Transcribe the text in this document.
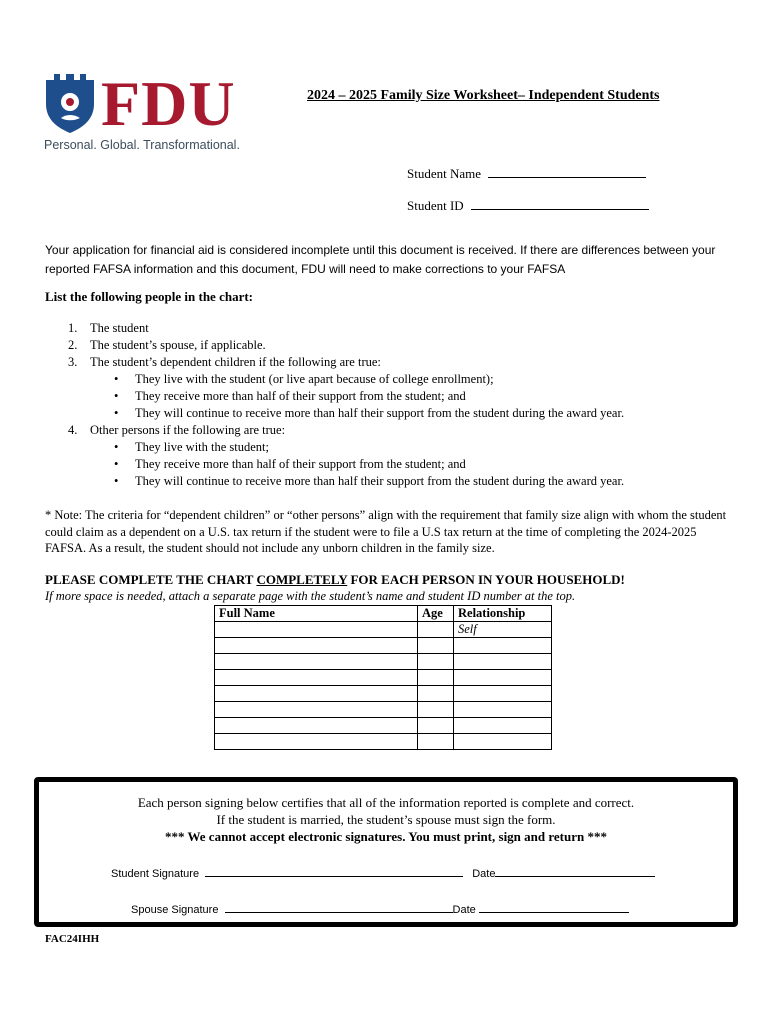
FDU
Personal. Global. Transformational.
2024 – 2025 Family Size Worksheet– Independent Students
Student Name
Student ID
Your application for financial aid is considered incomplete until this document is received. If there are differences between your reported FAFSA information and this document, FDU will need to make corrections to your FAFSA
List the following people in the chart:
1. The student
2. The student’s spouse, if applicable.
3. The student’s dependent children if the following are true:
• They live with the student (or live apart because of college enrollment);
• They receive more than half of their support from the student; and
• They will continue to receive more than half their support from the student during the award year.
4. Other persons if the following are true:
• They live with the student;
• They receive more than half of their support from the student; and
• They will continue to receive more than half their support from the student during the award year.
* Note: The criteria for “dependent children” or “other persons” align with the requirement that family size align with whom the student could claim as a dependent on a U.S. tax return if the student were to file a U.S tax return at the time of completing the 2024-2025 FAFSA. As a result, the student should not include any unborn children in the family size.
PLEASE COMPLETE THE CHART COMPLETELY FOR EACH PERSON IN YOUR HOUSEHOLD!
If more space is needed, attach a separate page with the student’s name and student ID number at the top.
Full Name	Age	Relationship
		Self

Each person signing below certifies that all of the information reported is complete and correct.
If the student is married, the student’s spouse must sign the form.
*** We cannot accept electronic signatures. You must print, sign and return ***
Student Signature	Date
Spouse Signature	Date
FAC24IHH
